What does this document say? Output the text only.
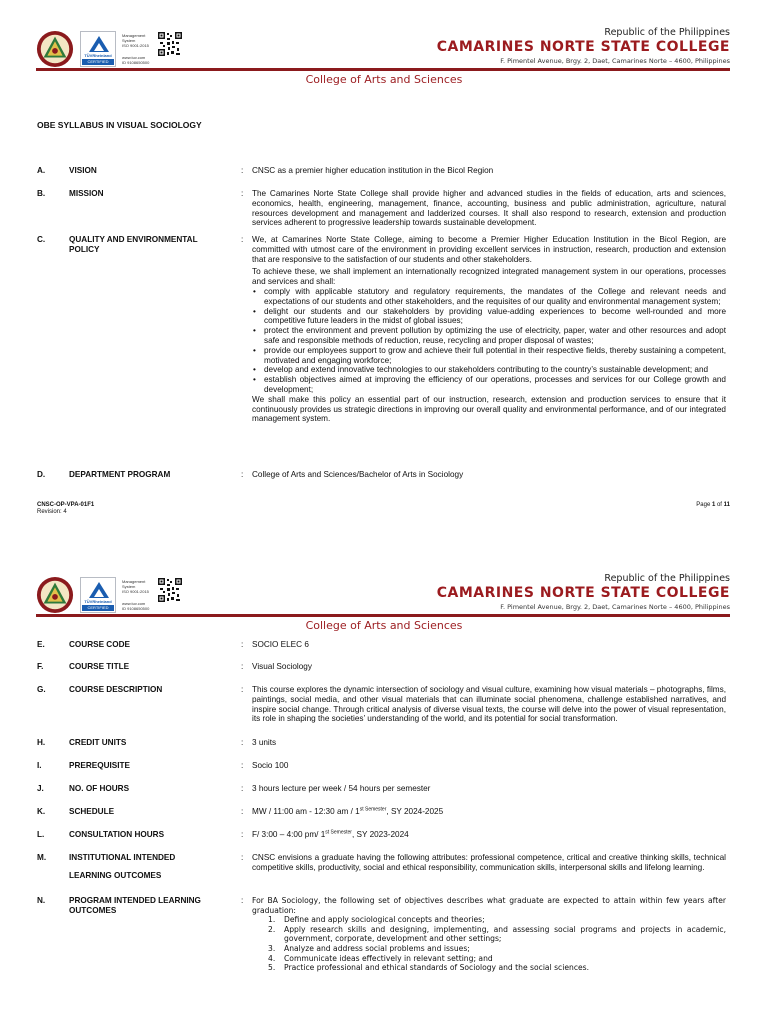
TÜVRheinland
CERTIFIED
Management
System
ISO 9001:2015
www.tuv.com
ID 9108650500
Republic of the Philippines
CAMARINES NORTE STATE COLLEGE
F. Pimentel Avenue, Brgy. 2, Daet, Camarines Norte – 4600, Philippines
College of Arts and Sciences
OBE SYLLABUS IN VISUAL SOCIOLOGY
A.	VISION	: CNSC as a premier higher education institution in the Bicol Region
B.	MISSION	: The Camarines Norte State College shall provide higher and advanced studies in the fields of education, arts and sciences, economics, health, engineering, management, finance, accounting, business and public administration, agriculture, natural resources development and management and ladderized courses. It shall also respond to research, extension and production services adherent to progressive leadership towards sustainable development.
C.	QUALITY AND ENVIRONMENTAL POLICY
: We, at Camarines Norte State College, aiming to become a Premier Higher Education Institution in the Bicol Region, are committed with utmost care of the environment in providing excellent services in instruction, research, production and extension that are responsive to the satisfaction of our students and other stakeholders.

To achieve these, we shall implement an internationally recognized integrated management system in our operations, processes and services and shall:

• comply with applicable statutory and regulatory requirements, the mandates of the College and relevant needs and expectations of our students and other stakeholders, and the requisites of our quality and environmental management system;
• delight our students and our stakeholders by providing value-adding experiences to become well-rounded and more competitive future leaders in the midst of global issues;
• protect the environment and prevent pollution by optimizing the use of electricity, paper, water and other resources and adopt safe and responsible methods of reduction, reuse, recycling and proper disposal of wastes;
• provide our employees support to grow and achieve their full potential in their respective fields, thereby sustaining a competent, motivated and engaging workforce;
• develop and extend innovative technologies to our stakeholders contributing to the country’s sustainable development; and
• establish objectives aimed at improving the efficiency of our operations, processes and services for our College growth and development;

We shall make this policy an essential part of our instruction, research, extension and production services to ensure that it continuously provides us strategic directions in improving our overall quality and environmental performance, and of our integrated management system.

D.	DEPARTMENT PROGRAM	: College of Arts and Sciences/Bachelor of Arts in Sociology
CNSC-OP-VPA-01F1
Revision: 4
Page 1 of 11
TÜVRheinland
CERTIFIED
Management
System
ISO 9001:2015
www.tuv.com
ID 9108650500
Republic of the Philippines
CAMARINES NORTE STATE COLLEGE
F. Pimentel Avenue, Brgy. 2, Daet, Camarines Norte – 4600, Philippines
College of Arts and Sciences
E.	COURSE CODE	: SOCIO ELEC 6
F.	COURSE TITLE	: Visual Sociology
G.	COURSE DESCRIPTION	: This course explores the dynamic intersection of sociology and visual culture, examining how visual materials – photographs, films, paintings, social media, and other visual materials that can illuminate social phenomena, challenge established narratives, and inspire social change. Through critical analysis of diverse visual texts, the course will delve into the power of visual representation, its role in shaping the societies’ understanding of the world, and its potential for social transformation.
H.	CREDIT UNITS	: 3 units
I.	PREREQUISITE	: Socio 100
J.	NO. OF HOURS	: 3 hours lecture per week / 54 hours per semester
K.	SCHEDULE	: MW / 11:00 am - 12:30 am / 1st $^{Semester}$, SY 2024-2025
L.	CONSULTATION HOURS	: F/ 3:00 – 4:00 pm/ $1^{st Semester}$, SY 2023-2024
M.	INSTITUTIONAL INTENDED
LEARNING OUTCOMES
: CNSC envisions a graduate having the following attributes: professional competence, critical and creative thinking skills, technical competitive skills, productivity, social and ethical responsibility, communication skills, interpersonal skills and lifelong learning.
N.	PROGRAM INTENDED LEARNING OUTCOMES
: For BA Sociology, the following set of objectives describes what graduate are expected to attain within few years after graduation:

1. Define and apply sociological concepts and theories;
2. Apply research skills and designing, implementing, and assessing social programs and projects in academic, government, corporate, development and other settings;
3. Analyze and address social problems and issues;
4. Communicate ideas effectively in relevant setting; and
5. Practice professional and ethical standards of Sociology and the social sciences.
